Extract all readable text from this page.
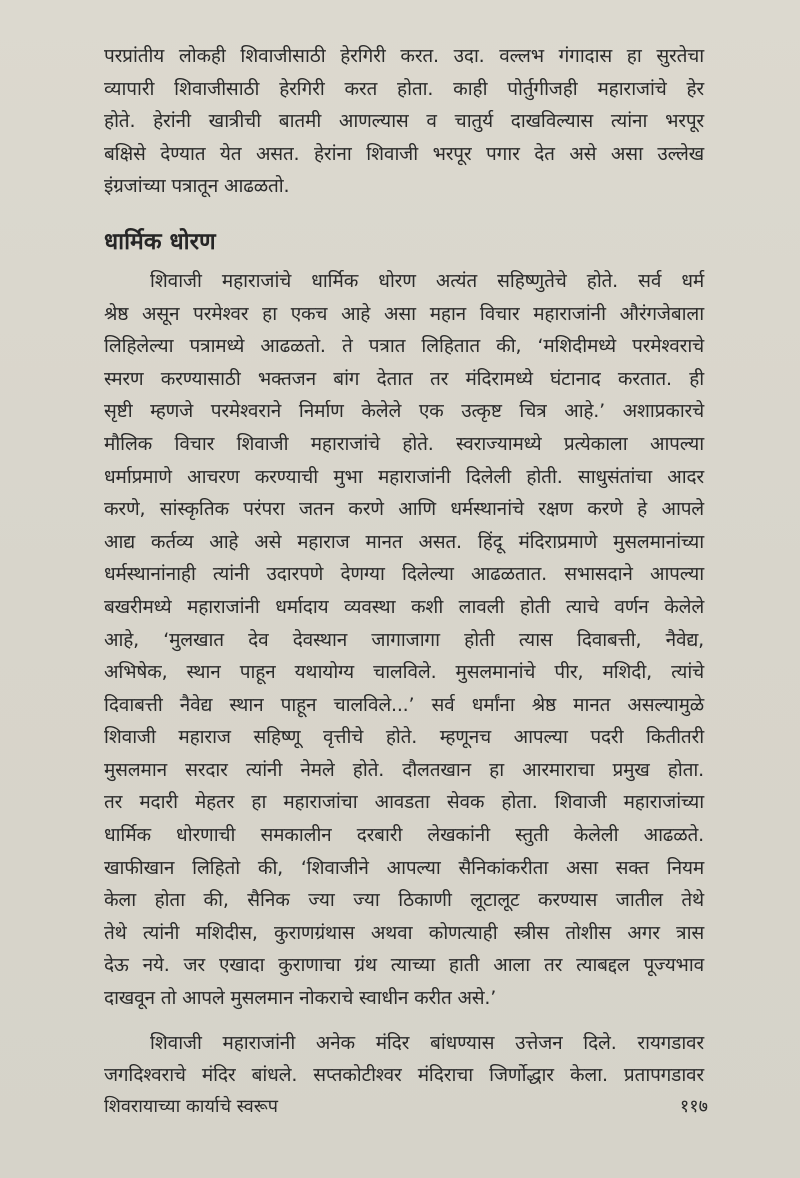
परप्रांतीय लोकही शिवाजीसाठी हेरगिरी करत. उदा. वल्लभ गंगादास हा सुरतेचा
व्यापारी शिवाजीसाठी हेरगिरी करत होता. काही पोर्तुगीजही महाराजांचे हेर
होते. हेरांनी खात्रीची बातमी आणल्यास व चातुर्य दाखविल्यास त्यांना भरपूर
बक्षिसे देण्यात येत असत. हेरांना शिवाजी भरपूर पगार देत असे असा उल्लेख
इंग्रजांच्या पत्रातून आढळतो.
धार्मिक धोरण
शिवाजी महाराजांचे धार्मिक धोरण अत्यंत सहिष्णुतेचे होते. सर्व धर्म
श्रेष्ठ असून परमेश्वर हा एकच आहे असा महान विचार महाराजांनी औरंगजेबाला
लिहिलेल्या पत्रामध्ये आढळतो. ते पत्रात लिहितात की, ‘मशिदीमध्ये परमेश्वराचे
स्मरण करण्यासाठी भक्तजन बांग देतात तर मंदिरामध्ये घंटानाद करतात. ही
सृष्टी म्हणजे परमेश्वराने निर्माण केलेले एक उत्कृष्ट चित्र आहे.’ अशाप्रकारचे
मौलिक विचार शिवाजी महाराजांचे होते. स्वराज्यामध्ये प्रत्येकाला आपल्या
धर्माप्रमाणे आचरण करण्याची मुभा महाराजांनी दिलेली होती. साधुसंतांचा आदर
करणे, सांस्कृतिक परंपरा जतन करणे आणि धर्मस्थानांचे रक्षण करणे हे आपले
आद्य कर्तव्य आहे असे महाराज मानत असत. हिंदू मंदिराप्रमाणे मुसलमानांच्या
धर्मस्थानांनाही त्यांनी उदारपणे देणग्या दिलेल्या आढळतात. सभासदाने आपल्या
बखरीमध्ये महाराजांनी धर्मादाय व्यवस्था कशी लावली होती त्याचे वर्णन केलेले
आहे, ‘मुलखात देव देवस्थान जागाजागा होती त्यास दिवाबत्ती, नैवेद्य,
अभिषेक, स्थान पाहून यथायोग्य चालविले. मुसलमानांचे पीर, मशिदी, त्यांचे
दिवाबत्ती नैवेद्य स्थान पाहून चालविले...’ सर्व धर्मांना श्रेष्ठ मानत असल्यामुळे
शिवाजी महाराज सहिष्णू वृत्तीचे होते. म्हणूनच आपल्या पदरी कितीतरी
मुसलमान सरदार त्यांनी नेमले होते. दौलतखान हा आरमाराचा प्रमुख होता.
तर मदारी मेहतर हा महाराजांचा आवडता सेवक होता. शिवाजी महाराजांच्या
धार्मिक धोरणाची समकालीन दरबारी लेखकांनी स्तुती केलेली आढळते.
खाफीखान लिहितो की, ‘शिवाजीने आपल्या सैनिकांकरीता असा सक्त नियम
केला होता की, सैनिक ज्या ज्या ठिकाणी लूटालूट करण्यास जातील तेथे
तेथे त्यांनी मशिदीस, कुराणग्रंथास अथवा कोणत्याही स्त्रीस तोशीस अगर त्रास
देऊ नये. जर एखादा कुराणाचा ग्रंथ त्याच्या हाती आला तर त्याबद्दल पूज्यभाव
दाखवून तो आपले मुसलमान नोकराचे स्वाधीन करीत असे.’
शिवाजी महाराजांनी अनेक मंदिर बांधण्यास उत्तेजन दिले. रायगडावर
जगदिश्वराचे मंदिर बांधले. सप्तकोटीश्वर मंदिराचा जिर्णोद्धार केला. प्रतापगडावर
शिवरायाच्या कार्याचे स्वरूप	११७
